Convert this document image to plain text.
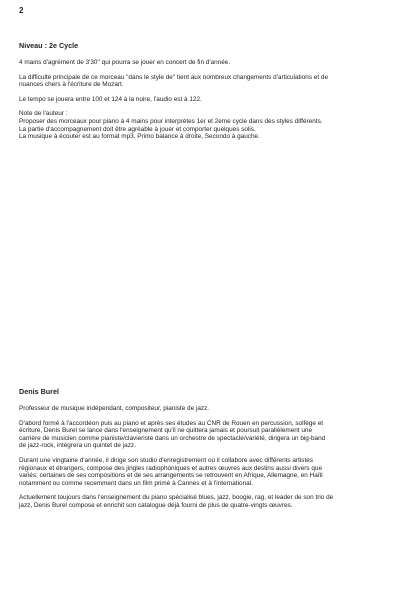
2
Niveau : 2e Cycle
4 mains d'agrément de 3'30'' qui pourra se jouer en concert de fin d'année.
La difficulté principale de ce morceau "dans le style de" tient aux nombreux changements d'articulations et de
nuances chers à l'écriture de Mozart.
Le tempo se jouera entre 100 et 124 à la noire, l'audio est à 122.
Note de l'auteur :
Proposer des morceaux pour piano à 4 mains pour interprètes 1er et 2eme cycle dans des styles différents.
La partie d'accompagnement doit être agréable à jouer et comporter quelques solis.
La musique à écouter est au format mp3. Primo balance à droite, Secondo à gauche.
Denis Burel
Professeur de musique indépendant, compositeur, pianiste de jazz.
D'abord formé à l'accordéon puis au piano et après ses études au CNR de Rouen en percussion, solfège et
écriture, Denis Burel se lance dans l'enseignement qu'il ne quittera jamais et poursuit parallèlement une
carrière de musicien comme pianiste/clavieriste dans un orchestre de spectacle/variété, dirigera un big-band
de jazz-rock, intègrera un quintet de jazz.
Durant une vingtaine d'année, il dirige son studio d'enregistrement où il collabore avec différents artistes
régionaux et étrangers, compose des jingles radiophoniques et autres œuvres aux destins aussi divers que
variés; certaines de ses compositions et de ses arrangements se retrouvent en Afrique, Allemagne, en Haïti
notamment ou comme recemment dans un film primé à Cannes et à l'international.
Actuellement toujours dans l'enseignement du piano spécialisé blues, jazz, boogie, rag, et leader de son trio de
jazz, Denis Burel compose et enrichit son catalogue déjà fourni de plus de quatre-vingts œuvres.
